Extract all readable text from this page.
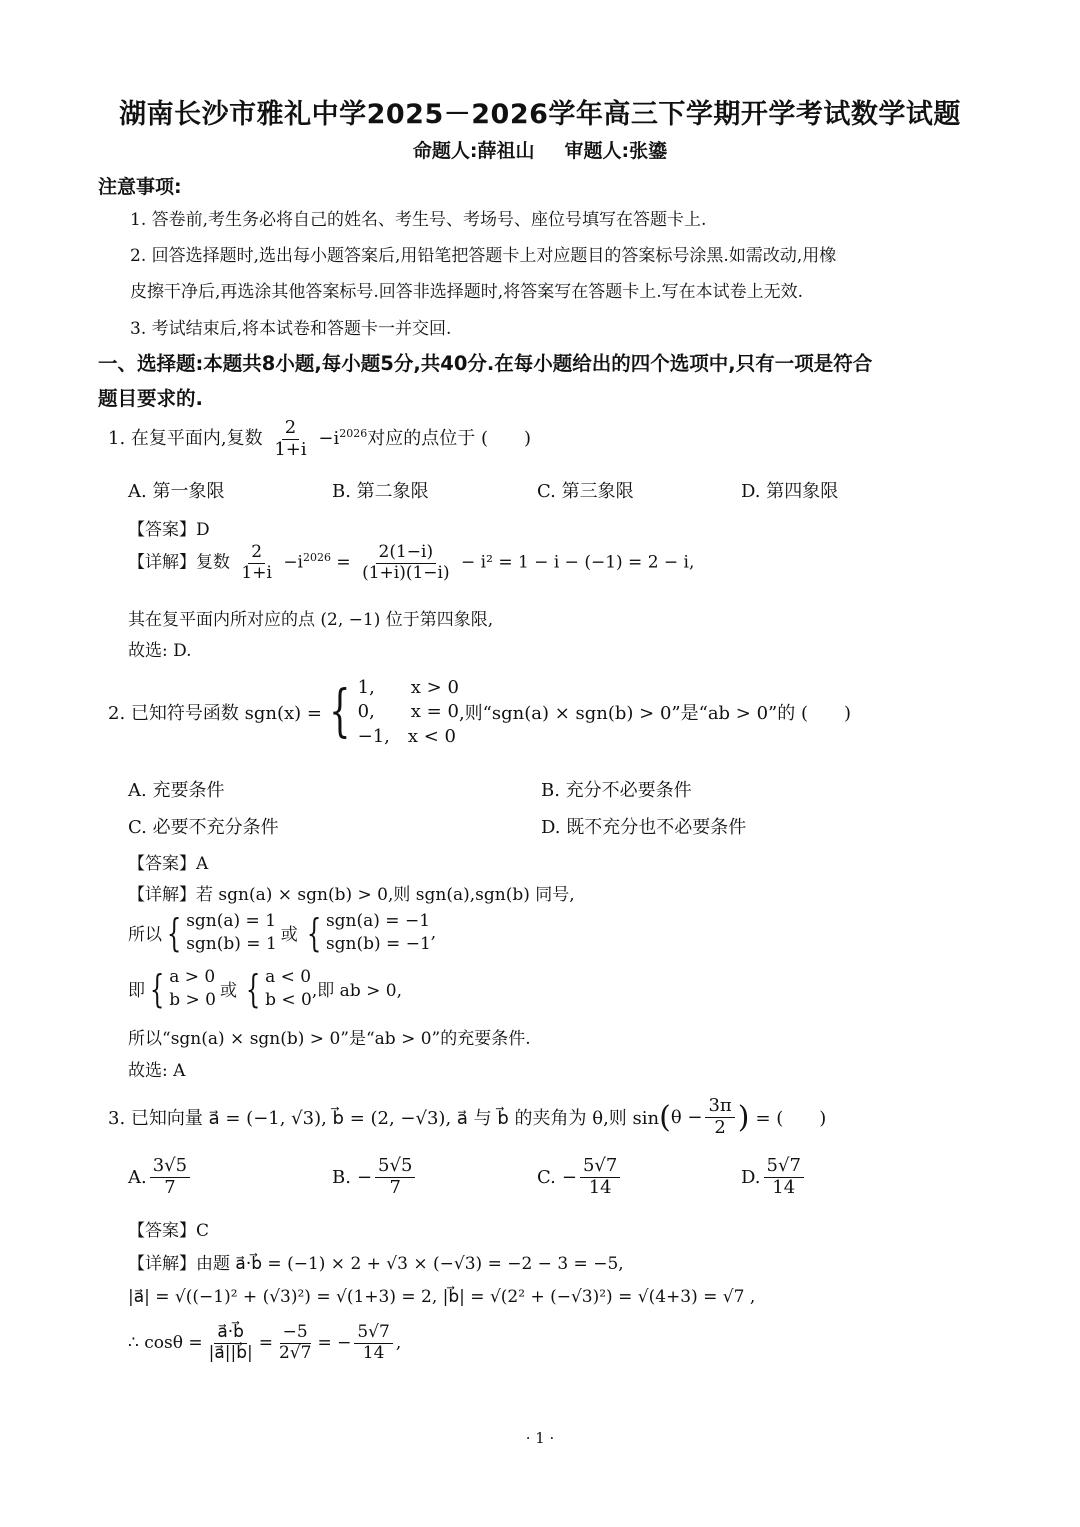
湖南长沙市雅礼中学2025－2026学年高三下学期开学考试数学试题
命题人:薛祖山 审题人:张鎏
注意事项:
1. 答卷前,考生务必将自己的姓名、考生号、考场号、座位号填写在答题卡上.
2. 回答选择题时,选出每小题答案后,用铅笔把答题卡上对应题目的答案标号涂黑.如需改动,用橡
皮擦干净后,再选涂其他答案标号.回答非选择题时,将答案写在答题卡上.写在本试卷上无效.
3. 考试结束后,将本试卷和答题卡一并交回.
一、选择题:本题共8小题,每小题5分,共40分.在每小题给出的四个选项中,只有一项是符合
题目要求的.
1. 在复平面内,复数 $\frac{2}{1+i} -i^{2026}$对应的点位于 (　　)
A. 第一象限	B. 第二象限	C. 第三象限	D. 第四象限
【答案】D
【详解】复数 $\frac{2}{1+i} -i^{2026} = \frac{2(1-i)}{(1+i)(1-i)} - i^2 = 1 - i - (-1) = 2 - i$,
其在复平面内所对应的点 (2, −1) 位于第四象限,
故选: D.
2. 已知符号函数 sgn(x) = { 1,　　x > 0
0,　　x = 0
−1,　x < 0
,则“sgn(a) × sgn(b) > 0”是“ab > 0”的 (　　)
A. 充要条件	B. 充分不必要条件
C. 必要不充分条件	D. 既不充分也不必要条件
【答案】A
【详解】若 sgn(a) × sgn(b) > 0,则 sgn(a),sgn(b) 同号,
所以 { sgn(a) = 1
sgn(b) = 1 或 { sgn(a) = −1
sgn(b) = −1
,
即 { a > 0
b > 0 或 { a < 0
b < 0 ,即 ab > 0,
所以“sgn(a) × sgn(b) > 0”是“ab > 0”的充要条件.
故选: A
3. 已知向量 a⃗ = (−1, √3), b⃗ = (2, −√3), a⃗ 与 b⃗ 的夹角为 θ,则 sin ( $\theta - \frac{3\pi}{2}$ ) = (　　)
A. $\frac{3√5}{7}$	B. − $\frac{5√5}{7}$	C. − $\frac{5√7}{14}$	D. $\frac{5√7}{14}$
【答案】C
【详解】由题 a⃗·b⃗ = (−1) × 2 + √3 × (−√3) = −2 − 3 = −5,
|a⃗| = √((−1)² + (√3)²) = √(1+3) = 2, |b⃗| = √(2² + (−√3)²) = √(4+3) = √7 ,
∴ $\cos\theta = \frac{a⃗\cdot b⃗}{|a⃗||b⃗|} = \frac{-5}{2√7}$ = − $\frac{5√7}{14}$ ,
· 1 ·
